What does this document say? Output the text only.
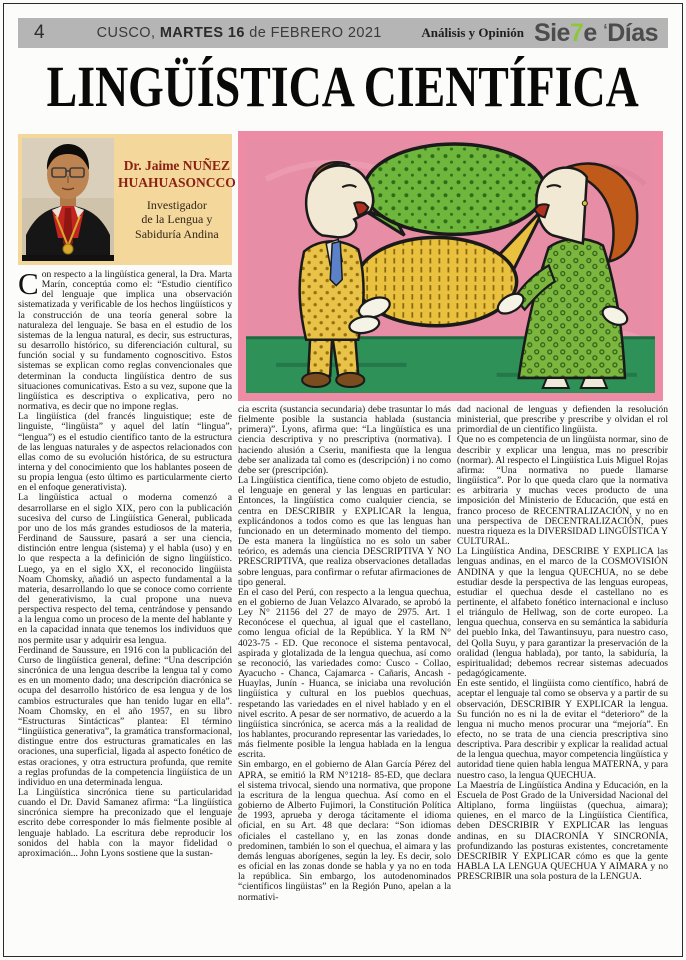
4	CUSCO, MARTES 16 de FEBRERO 2021	Análisis y Opinión Sie7e ‘Días
LINGÜÍSTICA CIENTÍFICA
Dr. Jaime NUÑEZ
HUAHUASONCCO
Investigador
de la Lengua y
Sabiduría Andina

Con respecto a la lingüística general, la Dra. Marta Marín, conceptúa como el: “Estudio científico del lenguaje que implica una observación sistematizada y verificable de los hechos lingüísticos y la construcción de una teoría general sobre la naturaleza del lenguaje. Se basa en el estudio de los sistemas de la lengua natural, es decir, sus estructuras, su desarrollo histórico, su diferenciación cultural, su función social y su fundamento cognoscitivo. Estos sistemas se explican como reglas convencionales que determinan la conducta lingüística dentro de sus situaciones comunicativas. Esto a su vez, supone que la lingüística es descriptiva o explicativa, pero no normativa, es decir que no impone reglas.

La lingüística (del francés linguistique; este de linguiste, “lingüista” y aquel del latín “lingua”, “lengua”) es el estudio científico tanto de la estructura de las lenguas naturales y de aspectos relacionados con ellas como de su evolución histórica, de su estructura interna y del conocimiento que los hablantes poseen de su propia lengua (esto último es particularmente cierto en el enfoque generativista).

La lingüística actual o moderna comenzó a desarrollarse en el siglo XIX, pero con la publicación sucesiva del curso de Lingüística General, publicada por uno de los más grandes estudiosos de la materia, Ferdinand de Saussure, pasará a ser una ciencia, distinción entre lengua (sistema) y el habla (uso) y en lo que respecta a la definición de signo lingüístico. Luego, ya en el siglo XX, el reconocido lingüista Noam Chomsky, añadió un aspecto fundamental a la materia, desarrollando lo que se conoce como corriente del generativismo, la cual propone una nueva perspectiva respecto del tema, centrándose y pensando a la lengua como un proceso de la mente del hablante y en la capacidad innata que tenemos los individuos que nos permite usar y adquirir esa lengua.

Ferdinand de Saussure, en 1916 con la publicación del Curso de lingüística general, define: “Una descripción sincrónica de una lengua describe la lengua tal y como es en un momento dado; una descripción diacrónica se ocupa del desarrollo histórico de esa lengua y de los cambios estructurales que han tenido lugar en ella”. Noam Chomsky, en el año 1957, en su libro “Estructuras Sintácticas” plantea: El término “lingüística generativa”, la gramática transformacional, distingue entre dos estructuras gramaticales en las oraciones, una superficial, ligada al aspecto fonético de estas oraciones, y otra estructura profunda, que remite a reglas profundas de la competencia lingüística de un individuo en una determinada lengua.

La Lingüística sincrónica tiene su particularidad cuando el Dr. David Samanez afirma: “La lingüística sincrónica siempre ha preconizado que el lenguaje escrito debe corresponder lo más fielmente posible al lenguaje hablado. La escritura debe reproducir los sonidos del habla con la mayor fidelidad o aproximación... John Lyons sostiene que la sustan-

cia escrita (sustancia secundaria) debe trasuntar lo más fielmente posible la sustancia hablada (sustancia primera)”. Lyons, afirma que: “La lingüística es una ciencia descriptiva y no prescriptiva (normativa). I haciendo alusión a Cseriu, manifiesta que la lengua debe ser analizada tal como es (descripción) i no como debe ser (prescripción).

La Lingüística científica, tiene como objeto de estudio, el lenguaje en general y las lenguas en particular: Entonces, la lingüística como cualquier ciencia, se centra en DESCRIBIR y EXPLICAR la lengua, explicándonos a todos como es que las lenguas han funcionado en un determinado momento del tiempo. De esta manera la lingüística no es solo un saber teórico, es además una ciencia DESCRIPTIVA Y NO PRESCRIPTIVA, que realiza observaciones detalladas sobre lenguas, para confirmar o refutar afirmaciones de tipo general.

En el caso del Perú, con respecto a la lengua quechua, en el gobierno de Juan Velazco Alvarado, se aprobó la Ley N° 21156 del 27 de mayo de 2975. Art. 1 Reconócese el quechua, al igual que el castellano, como lengua oficial de la República. Y la RM N° 4023-75 - ED. Que reconoce el sistema pentavocal, aspirada y glotalizada de la lengua quechua, así como se reconoció, las variedades como: Cusco - Collao, Ayacucho - Chanca, Cajamarca - Cañaris, Ancash - Huaylas, Junín - Huanca, se iniciaba una revolución lingüística y cultural en los pueblos quechuas, respetando las variedades en el nivel hablado y en el nivel escrito. A pesar de ser normativo, de acuerdo a la lingüística sincrónica, se acerca más a la realidad de los hablantes, procurando representar las variedades, lo más fielmente posible la lengua hablada en la lengua escrita.

Sin embargo, en el gobierno de Alan García Pérez del APRA, se emitió la RM N°1218- 85-ED, que declara el sistema trivocal, siendo una normativa, que propone la escritura de la lengua quechua. Así como en el gobierno de Alberto Fujimori, la Constitución Política de 1993, aprueba y deroga tácitamente el idioma oficial, en su Art. 48 que declara: “Son idiomas oficiales el castellano y, en las zonas donde predominen, también lo son el quechua, el aimara y las demás lenguas aborígenes, según la ley. Es decir, solo es oficial en las zonas donde se habla y ya no en toda la república. Sin embargo, los autodenominados “científicos lingüistas” en la Región Puno, apelan a la normativi-

dad nacional de lenguas y defienden la resolución ministerial, que prescribe y prescribe y olvidan el rol primordial de un científico lingüista.

Que no es competencia de un lingüista normar, sino de describir y explicar una lengua, mas no prescribir (normar). Al respecto el Lingüística Luis Miguel Rojas afirma: “Una normativa no puede llamarse lingüística”. Por lo que queda claro que la normativa es arbitraria y muchas veces producto de una imposición del Ministerio de Educación, que está en franco proceso de RECENTRALIZACIÓN, y no en una perspectiva de DECENTRALIZACIÓN, pues nuestra riqueza es la DIVERSIDAD LINGÜÍSTICA Y CULTURAL.

La Lingüística Andina, DESCRIBE Y EXPLICA las lenguas andinas, en el marco de la COSMOVISIÓN ANDINA y que la lengua QUECHUA, no se debe estudiar desde la perspectiva de las lenguas europeas, estudiar el quechua desde el castellano no es pertinente, el alfabeto fonético internacional e incluso el triángulo de Hellwag, son de corte europeo. La lengua quechua, conserva en su semántica la sabiduría del pueblo Inka, del Tawantinsuyu, para nuestro caso, del Qolla Suyu, y para garantizar la preservación de la oralidad (lengua hablada), por tanto, la sabiduría, la espiritualidad; debemos recrear sistemas adecuados pedagógicamente.

En este sentido, el lingüista como científico, habrá de aceptar el lenguaje tal como se observa y a partir de su observación, DESCRIBIR Y EXPLICAR la lengua. Su función no es ni la de evitar el “deterioro” de la lengua ni mucho menos procurar una “mejoría”. En efecto, no se trata de una ciencia prescriptiva sino descriptiva. Para describir y explicar la realidad actual de la lengua quechua, mayor competencia lingüística y autoridad tiene quien habla lengua MATERNA, y para nuestro caso, la lengua QUECHUA.

La Maestría de Lingüística Andina y Educación, en la Escuela de Post Grado de la Universidad Nacional del Altiplano, forma lingüistas (quechua, aimara); quienes, en el marco de la Lingüística Científica, deben DESCRIBIR Y EXPLICAR las lenguas andinas, en su DIACRONÍA Y SINCRONÍA, profundizando las posturas existentes, concretamente DESCRIBIR Y EXPLICAR cómo es que la gente HABLA LA LENGUA QUECHUA Y AIMARA y no PRESCRIBIR una sola postura de la LENGUA.
